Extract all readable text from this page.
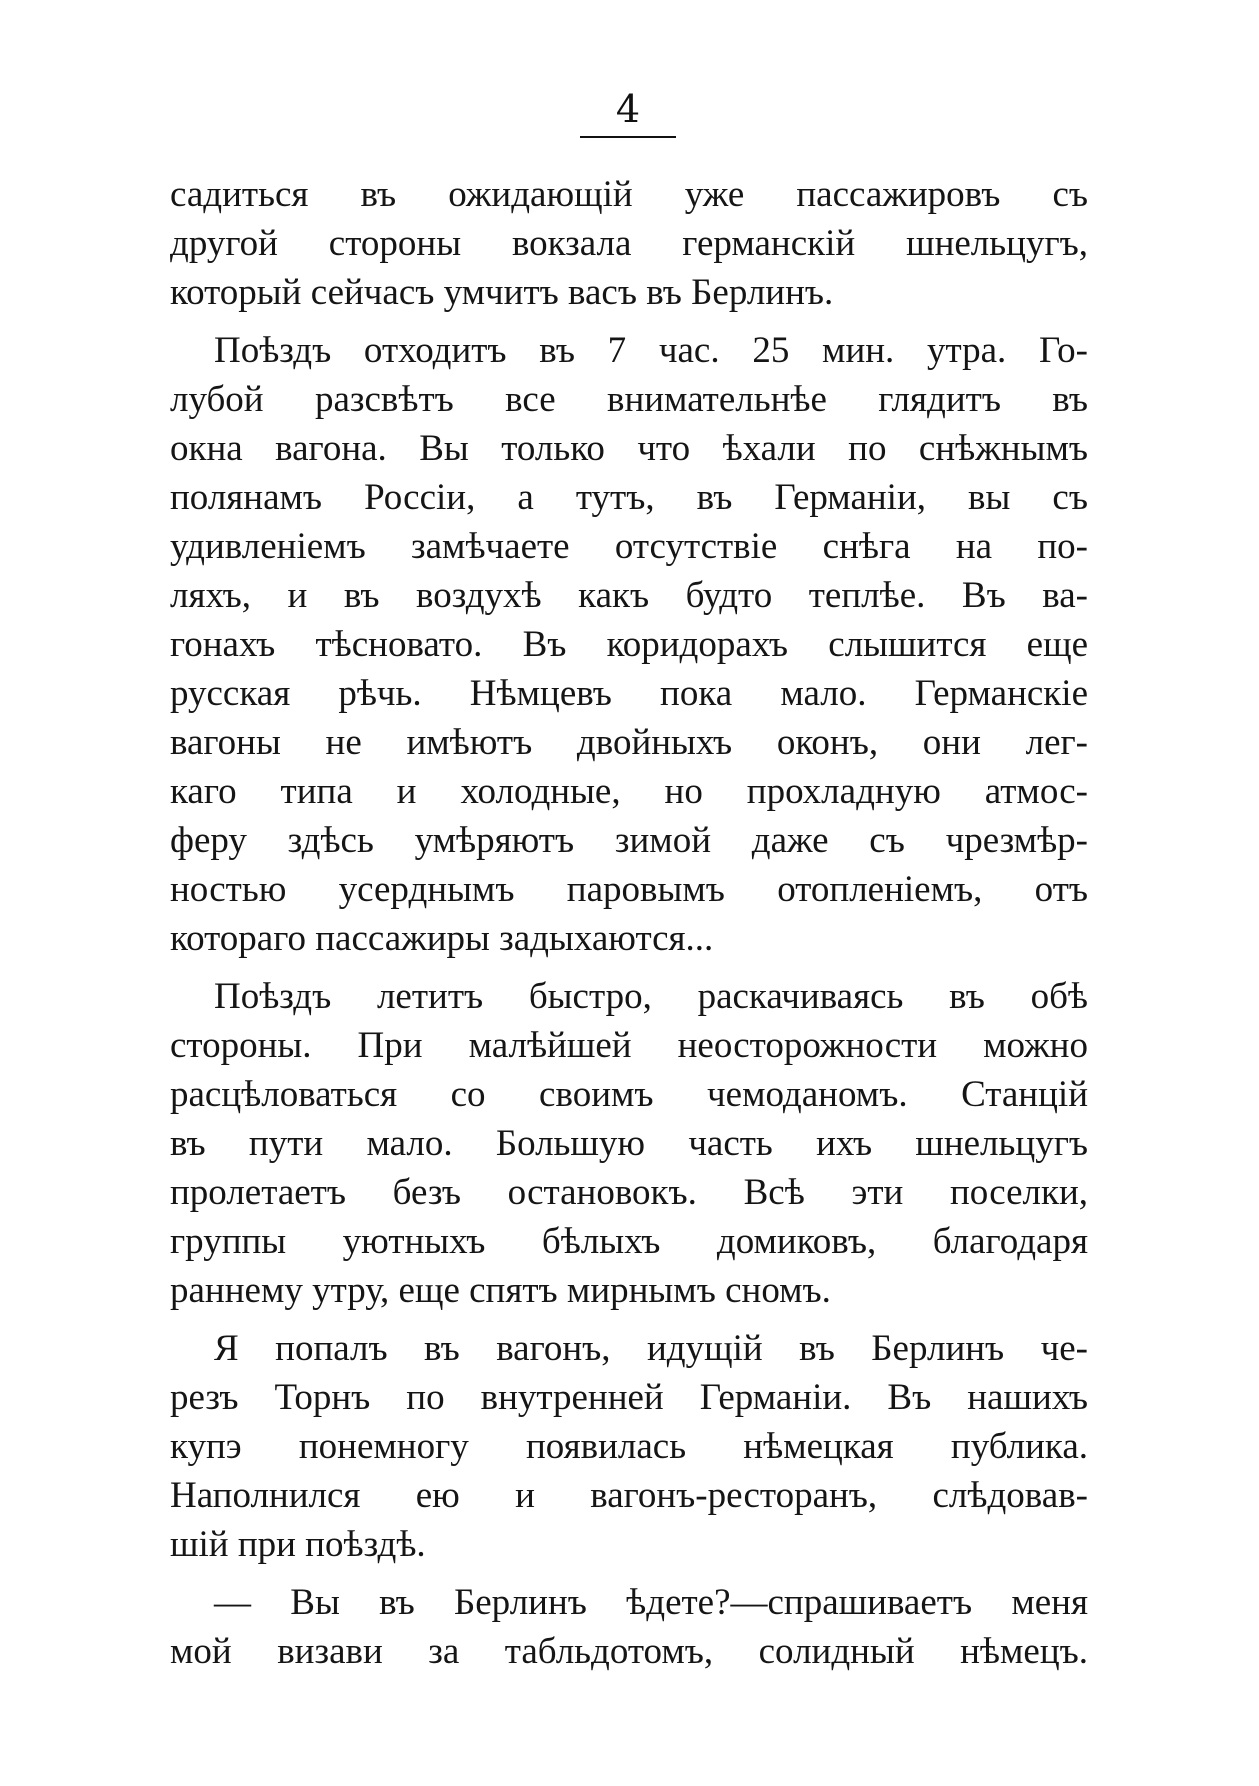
4
садиться въ ожидающій уже пассажировъ съ
другой стороны вокзала германскій шнельцугъ,
который сейчасъ умчитъ васъ въ Берлинъ.
Поѣздъ отходитъ въ 7 час. 25 мин. утра. Го-
лубой разсвѣтъ все внимательнѣе глядитъ въ
окна вагона. Вы только что ѣхали по снѣжнымъ
полянамъ Россіи, а тутъ, въ Германіи, вы съ
удивленіемъ замѣчаете отсутствіе снѣга на по-
ляхъ, и въ воздухѣ какъ будто теплѣе. Въ ва-
гонахъ тѣсновато. Въ коридорахъ слышится еще
русская рѣчь. Нѣмцевъ пока мало. Германскіе
вагоны не имѣютъ двойныхъ оконъ, они лег-
каго типа и холодные, но прохладную атмос-
феру здѣсь умѣряютъ зимой даже съ чрезмѣр-
ностью усерднымъ паровымъ отопленіемъ, отъ
котораго пассажиры задыхаются...
Поѣздъ летитъ быстро, раскачиваясь въ обѣ
стороны. При малѣйшей неосторожности можно
расцѣловаться со своимъ чемоданомъ. Станцій
въ пути мало. Большую часть ихъ шнельцугъ
пролетаетъ безъ остановокъ. Всѣ эти поселки,
группы уютныхъ бѣлыхъ домиковъ, благодаря
раннему утру, еще спятъ мирнымъ сномъ.
Я попалъ въ вагонъ, идущій въ Берлинъ че-
резъ Торнъ по внутренней Германіи. Въ нашихъ
купэ понемногу появилась нѣмецкая публика.
Наполнился ею и вагонъ-ресторанъ, слѣдовав-
шій при поѣздѣ.
— Вы въ Берлинъ ѣдете?—спрашиваетъ меня
мой визави за табльдотомъ, солидный нѣмецъ.
